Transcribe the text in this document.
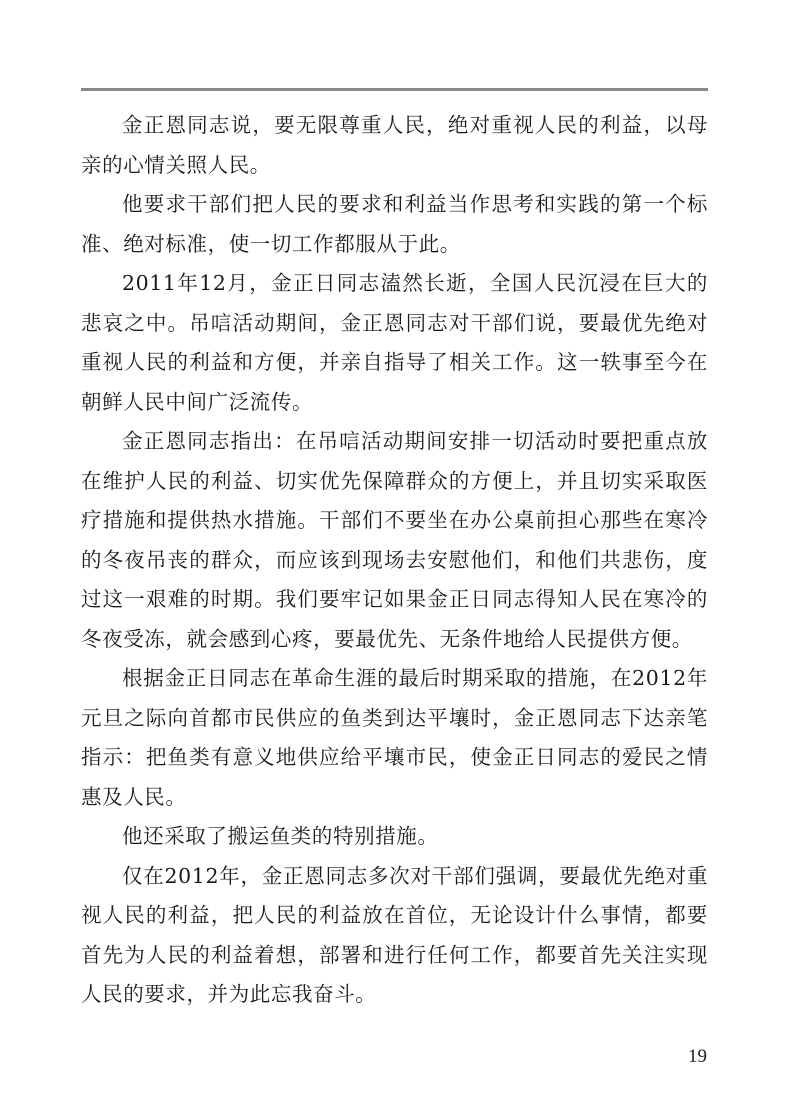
金正恩同志说，要无限尊重人民，绝对重视人民的利益，以母亲的心情关照人民。

他要求干部们把人民的要求和利益当作思考和实践的第一个标准、绝对标准，使一切工作都服从于此。

2011年12月，金正日同志溘然长逝，全国人民沉浸在巨大的悲哀之中。吊唁活动期间，金正恩同志对干部们说，要最优先绝对重视人民的利益和方便，并亲自指导了相关工作。这一轶事至今在朝鲜人民中间广泛流传。

金正恩同志指出：在吊唁活动期间安排一切活动时要把重点放在维护人民的利益、切实优先保障群众的方便上，并且切实采取医疗措施和提供热水措施。干部们不要坐在办公桌前担心那些在寒冷的冬夜吊丧的群众，而应该到现场去安慰他们，和他们共悲伤，度过这一艰难的时期。我们要牢记如果金正日同志得知人民在寒冷的冬夜受冻，就会感到心疼，要最优先、无条件地给人民提供方便。

根据金正日同志在革命生涯的最后时期采取的措施，在2012年元旦之际向首都市民供应的鱼类到达平壤时，金正恩同志下达亲笔指示：把鱼类有意义地供应给平壤市民，使金正日同志的爱民之情惠及人民。

他还采取了搬运鱼类的特别措施。

仅在2012年，金正恩同志多次对干部们强调，要最优先绝对重视人民的利益，把人民的利益放在首位，无论设计什么事情，都要首先为人民的利益着想，部署和进行任何工作，都要首先关注实现人民的要求，并为此忘我奋斗。

19
